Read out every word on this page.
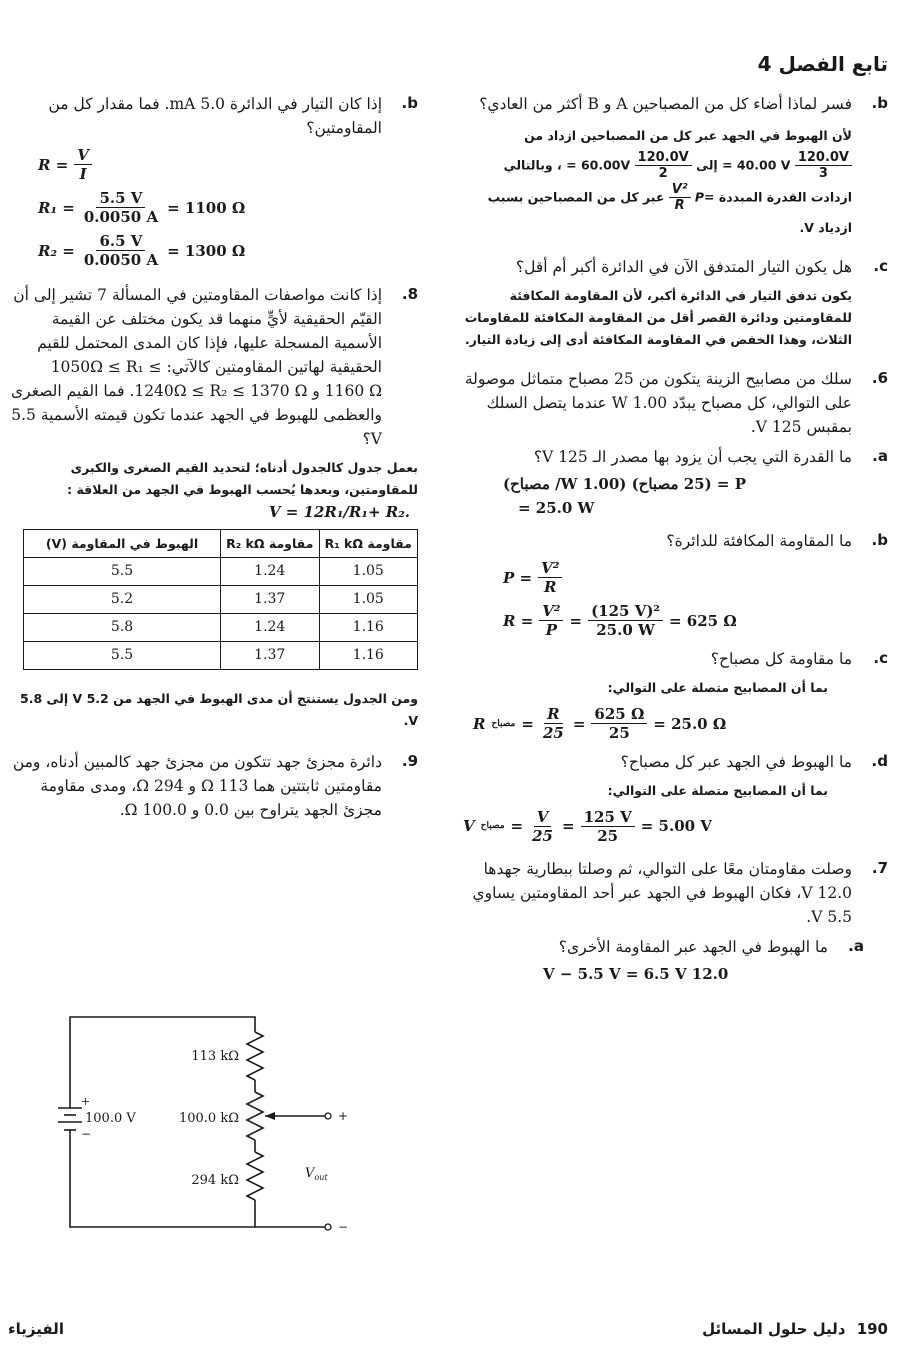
تابع الفصل 4
b.
فسر لماذا أضاء كل من المصباحين A و B أكثر من العادي؟
لأن الهبوط في الجهد عبر كل من المصباحين ازداد من
$\frac{120.0V}{3}$
= 40.00 V إلى
$\frac{120.0V}{2}$
= 60.00V ، وبالتالي ازدادت القدرة المبددة P=
$\frac{\text{V²}}{R}$
عبر كل من المصباحين بسبب ازدياد V.
c.
هل يكون التيار المتدفق الآن في الدائرة أكبر أم أقل؟
يكون تدفق التيار في الدائرة أكبر، لأن المقاومة المكافئة للمقاومتين ودائرة القصر أقل من المقاومة المكافئة للمقاومات الثلاث، وهذا الخفض في المقاومة المكافئة أدى إلى زيادة التيار.
6.
سلك من مصابيح الزينة يتكون من 25 مصباح متماثل موصولة على التوالي، كل مصباح يبدّد 1.00 W عندما يتصل السلك بمقبس 125 V.
a.
ما القدرة التي يجب أن يزود بها مصدر الـ 125 V؟
P = (25 مصباح) (1.00 W/ مصباح)
= 25.0 W
b.
ما المقاومة المكافئة للدائرة؟
$P = \frac{\text{V²}}{R}$
$R = \frac{\text{V²}}{P} = \frac{\text{(125 V)²}}{25.0 W} = 625$ Ω
c.
ما مقاومة كل مصباح؟
بما أن المصابيح متصلة على التوالي:
R مصباح = $\frac{R}{25} = \frac{625 \Omega}{25} = 25.0$ Ω
d.
ما الهبوط في الجهد عبر كل مصباح؟
بما أن المصابيح متصلة على التوالي:
V مصباح = $\frac{V}{25} = \frac{125 V}{25} = 5.00$ V
7.
وصلت مقاومتان معًا على التوالي، ثم وصلتا ببطارية جهدها 12.0 V، فكان الهبوط في الجهد عبر أحد المقاومتين يساوي 5.5 V.
a.
ما الهبوط في الجهد عبر المقاومة الأخرى؟
V − 5.5 V = 6.5 V 12.0
b.
إذا كان التيار في الدائرة 5.0 mA. فما مقدار كل من المقاومتين؟
$R = \frac{V}{I}$
$R_1 = \frac{5.5 V}{0.0050 A} = 1100$ Ω
$R_2 = \frac{6.5 V}{0.0050 A} = 1300$ Ω
8.
إذا كانت مواصفات المقاومتين في المسألة 7 تشير إلى أن القيّم الحقيقية لأيٍّ منهما قد يكون مختلف عن القيمة الأسمية المسجلة عليها، فإذا كان المدى المحتمل للقيم الحقيقية لهاتين المقاومتين كالآتي: 1050Ω ≤ R₁ ≤ 1160 Ω و 1240Ω ≤ R₂ ≤ 1370 Ω. فما القيم الصغرى والعظمى للهبوط في الجهد عندما تكون قيمته الأسمية 5.5 V؟
بعمل جدول كالجدول أدناه؛ لتحديد القيم الصغرى والكبرى للمقاومتين، وبعدها يُحسب الهبوط في الجهد من العلاقة :
V = 12R₁/R₁+ R₂.
مقاومة R₁ kΩ	مقاومة R₂ kΩ	الهبوط في المقاومة (V)
1.05	1.24	5.5
1.05	1.37	5.2
1.16	1.24	5.8
1.16	1.37	5.5
ومن الجدول يستنتج أن مدى الهبوط في الجهد من 5.2 V إلى 5.8 V.
9.
دائرة مجزئ جهد تتكون من مجزئ جهد كالمبين أدناه، ومن مقاومتين ثابتتين هما 113 Ω و 294 Ω، ومدى مقاومة مجزئ الجهد يتراوح بين 0.0 و 100.0 Ω.
113 kΩ
100.0 kΩ
294 kΩ
100.0 V
+
−
+
−
$V_{out}$
190 دليل حلول المسائل
الفيزياء
